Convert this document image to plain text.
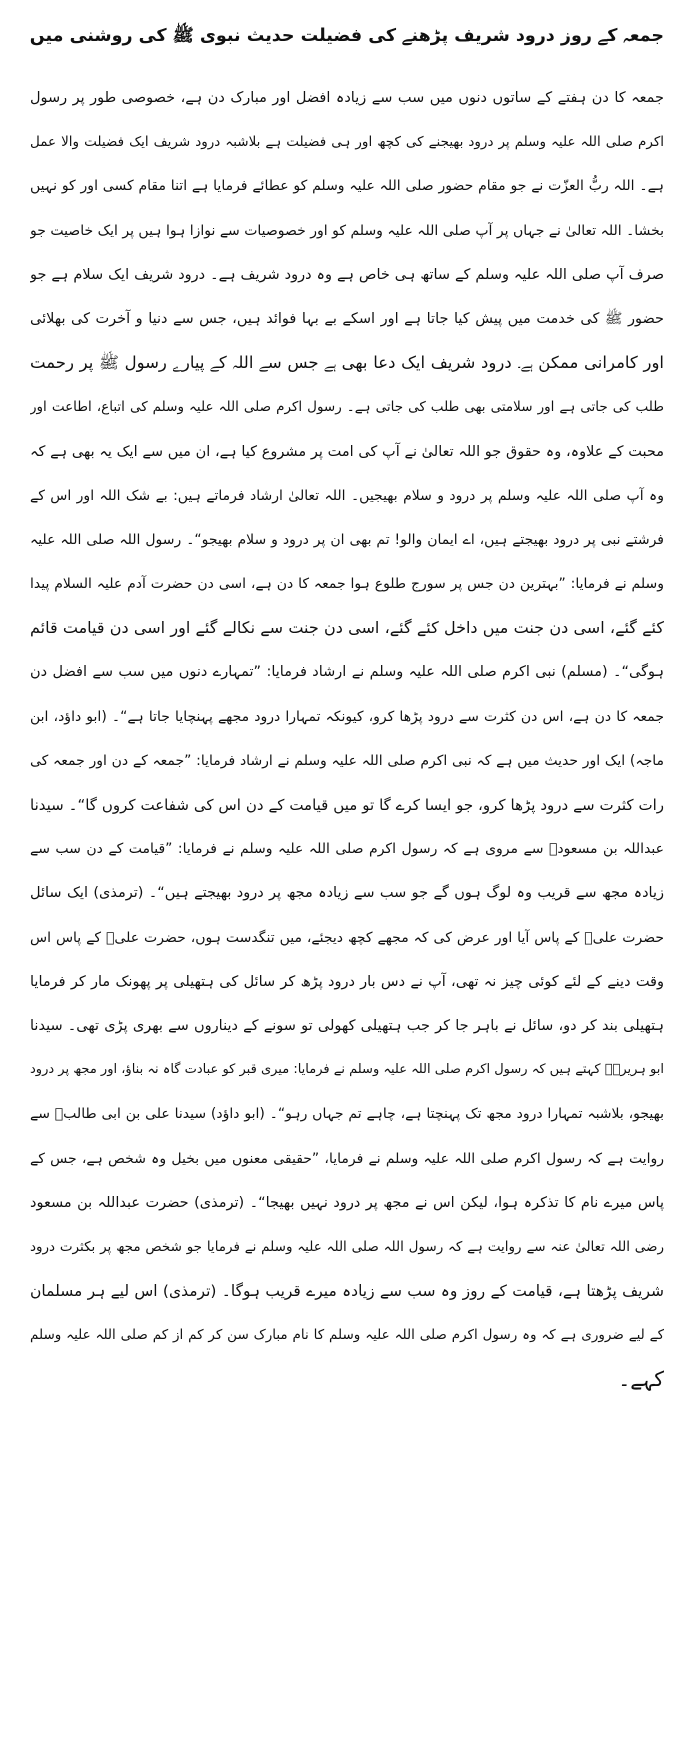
جمعہ کے روز درود شریف پڑھنے کی فضیلت حدیث نبوی ﷺ کی روشنی میں
جمعہ کا دن ہفتے کے ساتوں دنوں میں سب سے زیادہ افضل اور مبارک دن ہے، خصوصی طور پر رسول
اکرم صلی اللہ علیہ وسلم پر درود بھیجنے کی کچھ اور ہی فضیلت ہے بلاشبہ درود شریف ایک فضیلت والا عمل
ہے۔ اللہ ربُّ العزّت نے جو مقام حضور صلی اللہ علیہ وسلم کو عطائے فرمایا ہے اتنا مقام کسی اور کو نہیں
بخشا۔ اللہ تعالیٰ نے جہاں پر آپ صلی اللہ علیہ وسلم کو اور خصوصیات سے نوازا ہوا ہیں پر ایک خاصیت جو
صرف آپ صلی اللہ علیہ وسلم کے ساتھ ہی خاص ہے وہ درود شریف ہے۔ درود شریف ایک سلام ہے جو
حضور ﷺ کی خدمت میں پیش کیا جاتا ہے اور اسکے بے بہا فوائد ہیں، جس سے دنیا و آخرت کی بھلائی
اور کامرانی ممکن ہے۔ درود شریف ایک دعا بھی ہے جس سے اللہ کے پیارے رسول ﷺ پر رحمت
طلب کی جاتی ہے اور سلامتی بھی طلب کی جاتی ہے۔ رسول اکرم صلی اللہ علیہ وسلم کی اتباع، اطاعت اور
محبت کے علاوہ، وہ حقوق جو اللہ تعالیٰ نے آپ کی امت پر مشروع کیا ہے، ان میں سے ایک یہ بھی ہے کہ
وہ آپ صلی اللہ علیہ وسلم پر درود و سلام بھیجیں۔ اللہ تعالیٰ ارشاد فرماتے ہیں: بے شک اللہ اور اس کے
فرشتے نبی پر درود بھیجتے ہیں، اے ایمان والو! تم بھی ان پر درود و سلام بھیجو“۔ رسول اللہ صلی اللہ علیہ
وسلم نے فرمایا: ”بہترین دن جس پر سورج طلوع ہوا جمعہ کا دن ہے، اسی دن حضرت آدم علیہ السلام پیدا
کئے گئے، اسی دن جنت میں داخل کئے گئے، اسی دن جنت سے نکالے گئے اور اسی دن قیامت قائم
ہوگی“۔ (مسلم) نبی اکرم صلی اللہ علیہ وسلم نے ارشاد فرمایا: ”تمہارے دنوں میں سب سے افضل دن
جمعہ کا دن ہے، اس دن کثرت سے درود پڑھا کرو، کیونکہ تمہارا درود مجھے پہنچایا جاتا ہے“۔ (ابو داؤد، ابن
ماجہ) ایک اور حدیث میں ہے کہ نبی اکرم صلی اللہ علیہ وسلم نے ارشاد فرمایا: ”جمعہ کے دن اور جمعہ کی
رات کثرت سے درود پڑھا کرو، جو ایسا کرے گا تو میں قیامت کے دن اس کی شفاعت کروں گا“۔ سیدنا
عبداللہ بن مسعودؓ سے مروی ہے کہ رسول اکرم صلی اللہ علیہ وسلم نے فرمایا: ”قیامت کے دن سب سے
زیادہ مجھ سے قریب وہ لوگ ہوں گے جو سب سے زیادہ مجھ پر درود بھیجتے ہیں“۔ (ترمذی) ایک سائل
حضرت علیؓ کے پاس آیا اور عرض کی کہ مجھے کچھ دیجئے، میں تنگدست ہوں، حضرت علیؓ کے پاس اس
وقت دینے کے لئے کوئی چیز نہ تھی، آپ نے دس بار درود پڑھ کر سائل کی ہتھیلی پر پھونک مار کر فرمایا
ہتھیلی بند کر دو، سائل نے باہر جا کر جب ہتھیلی کھولی تو سونے کے دیناروں سے بھری پڑی تھی۔ سیدنا
ابو ہریرہؓ کہتے ہیں کہ رسول اکرم صلی اللہ علیہ وسلم نے فرمایا: میری قبر کو عبادت گاہ نہ بناؤ، اور مجھ پر درود
بھیجو، بلاشبہ تمہارا درود مجھ تک پہنچتا ہے، چاہے تم جہاں رہو“۔ (ابو داؤد) سیدنا علی بن ابی طالبؓ سے
روایت ہے کہ رسول اکرم صلی اللہ علیہ وسلم نے فرمایا، ”حقیقی معنوں میں بخیل وہ شخص ہے، جس کے
پاس میرے نام کا تذکرہ ہوا، لیکن اس نے مجھ پر درود نہیں بھیجا“۔ (ترمذی) حضرت عبداللہ بن مسعود
رضی اللہ تعالیٰ عنہ سے روایت ہے کہ رسول اللہ صلی اللہ علیہ وسلم نے فرمایا جو شخص مجھ پر بکثرت درود
شریف پڑھتا ہے، قیامت کے روز وہ سب سے زیادہ میرے قریب ہوگا۔ (ترمذی) اس لیے ہر مسلمان
کے لیے ضروری ہے کہ وہ رسول اکرم صلی اللہ علیہ وسلم کا نام مبارک سن کر کم از کم صلی اللہ علیہ وسلم
کہے۔
